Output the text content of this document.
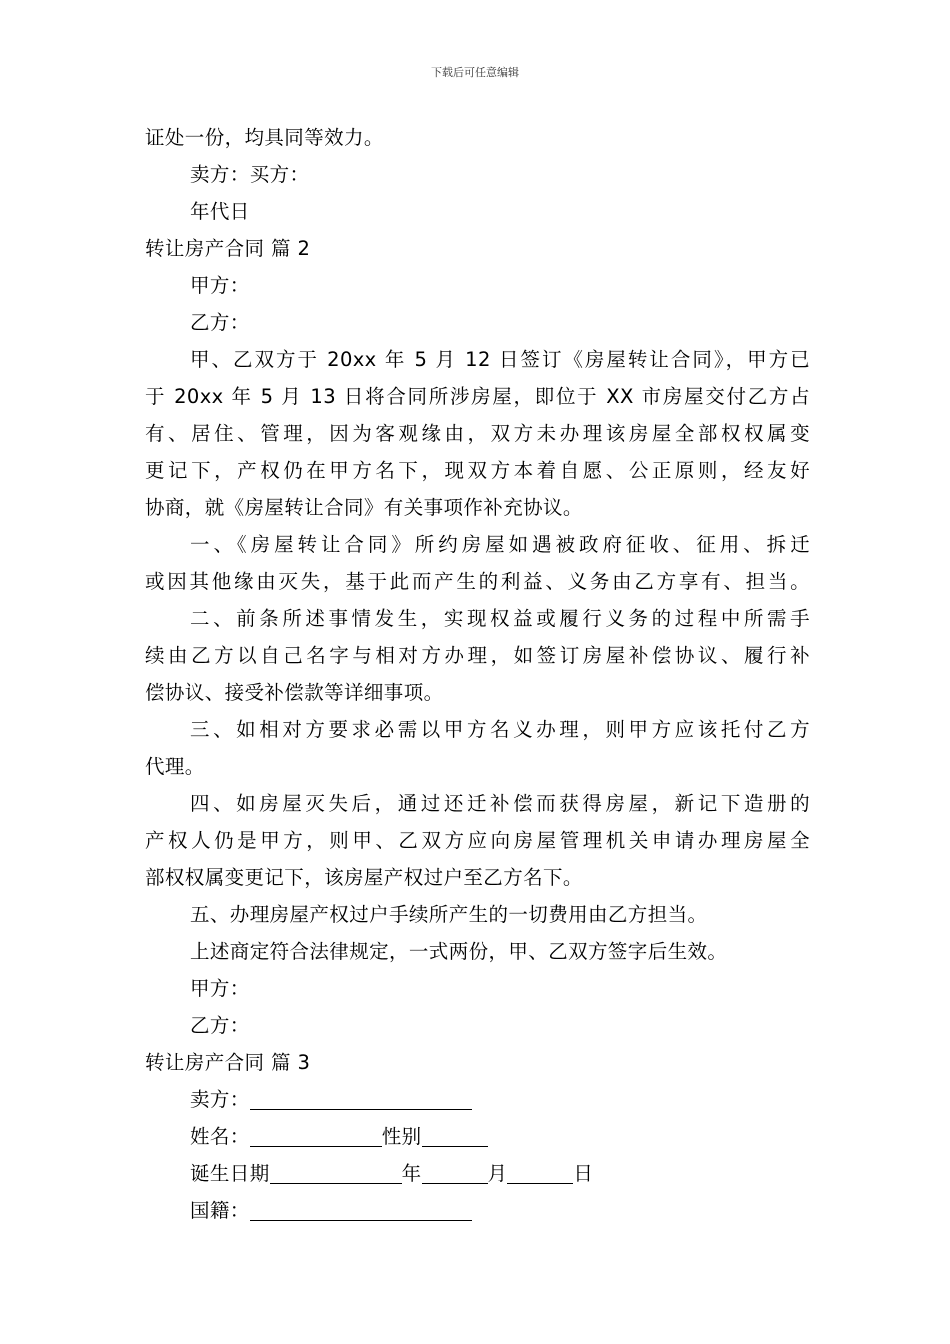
下载后可任意编辑
证处一份，均具同等效力。
卖方：买方：
年代日
转让房产合同 篇 2
甲方：
乙方：
甲、乙双方于 20xx 年 5 月 12 日签订《房屋转让合同》，甲方已
于 20xx 年 5 月 13 日将合同所涉房屋，即位于 XX 市房屋交付乙方占
有、居住、管理，因为客观缘由，双方未办理该房屋全部权权属变
更记下，产权仍在甲方名下，现双方本着自愿、公正原则，经友好
协商，就《房屋转让合同》有关事项作补充协议。
一、《房屋转让合同》所约房屋如遇被政府征收、征用、拆迁
或因其他缘由灭失，基于此而产生的利益、义务由乙方享有、担当。
二、前条所述事情发生，实现权益或履行义务的过程中所需手
续由乙方以自己名字与相对方办理，如签订房屋补偿协议、履行补
偿协议、接受补偿款等详细事项。
三、如相对方要求必需以甲方名义办理，则甲方应该托付乙方
代理。
四、如房屋灭失后，通过还迁补偿而获得房屋，新记下造册的
产权人仍是甲方，则甲、乙双方应向房屋管理机关申请办理房屋全
部权权属变更记下，该房屋产权过户至乙方名下。
五、办理房屋产权过户手续所产生的一切费用由乙方担当。
上述商定符合法律规定，一式两份，甲、乙双方签字后生效。
甲方：
乙方：
转让房产合同 篇 3
卖方：
姓名：	性别
诞生日期	年	月	日
国籍：
